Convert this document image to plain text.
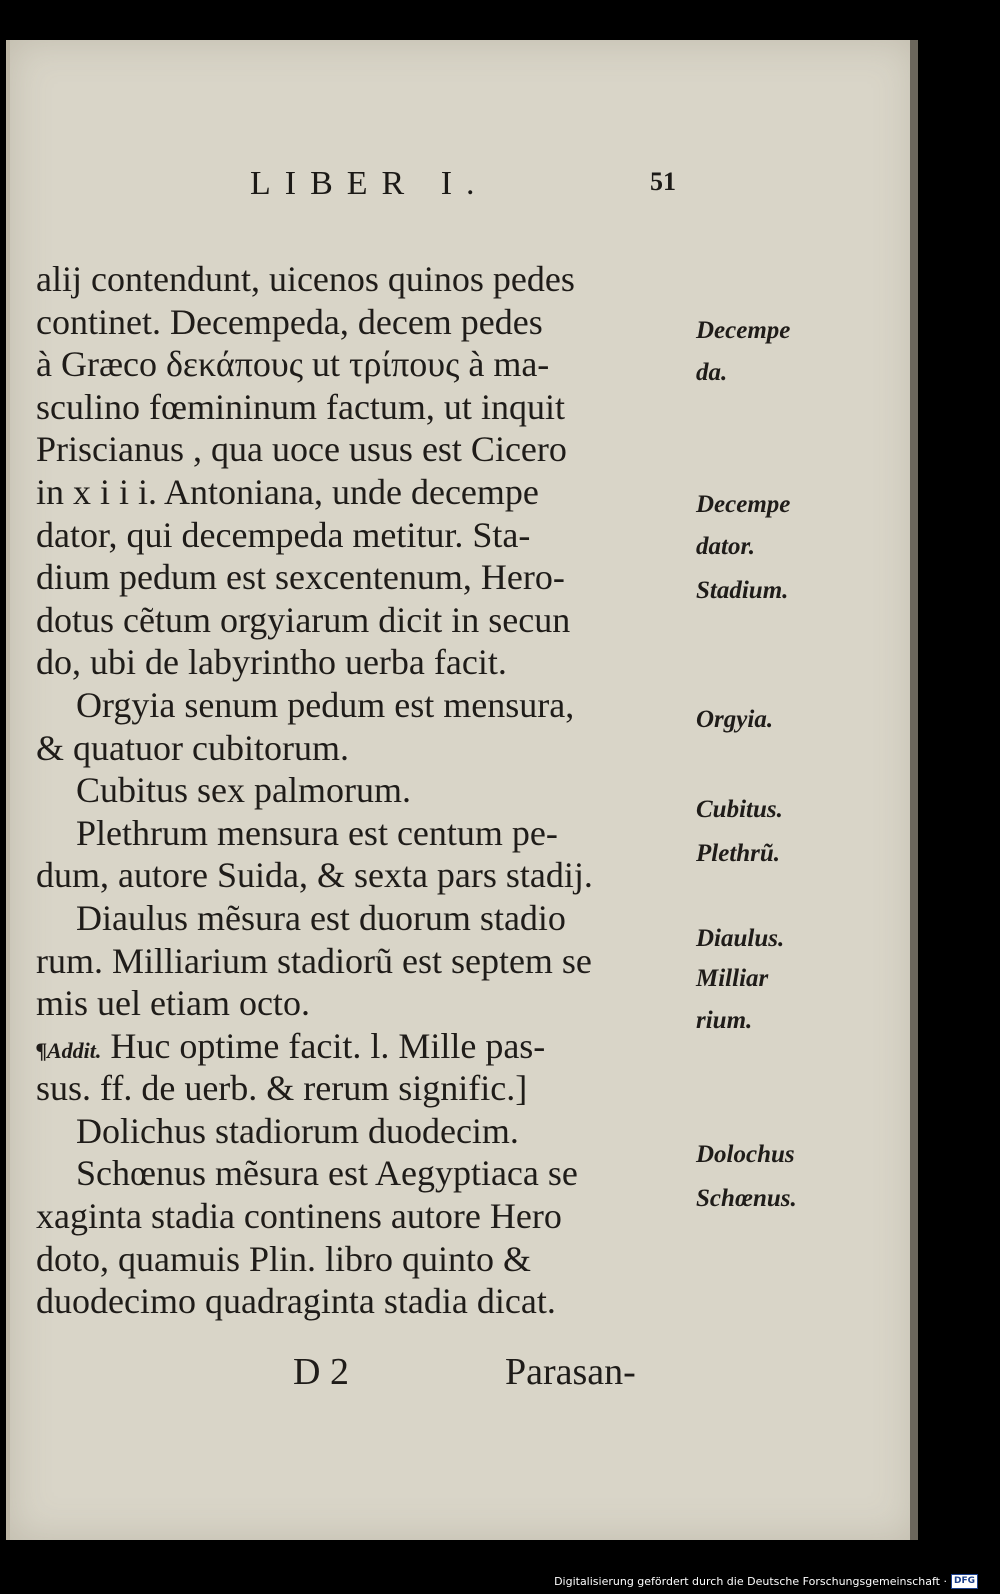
LIBER I.	51
alij contendunt, uicenos quinos pedes
continet. Decempeda, decem pedes
à Græco δεκάπους ut τρίπους à ma-
sculino fœmininum factum, ut inquit
Priscianus , qua uoce usus est Cicero
in x i i i. Antoniana, unde decempe
dator, qui decempeda metitur. Sta-
dium pedum est sexcentenum, Hero-
dotus cẽtum orgyiarum dicit in secun
do, ubi de labyrintho uerba facit.
Orgyia senum pedum est mensura,
& quatuor cubitorum.
Cubitus sex palmorum.
Plethrum mensura est centum pe-
dum, autore Suida, & sexta pars stadij.
Diaulus mẽsura est duorum stadio
rum. Milliarium stadiorũ est septem se
mis uel etiam octo.
¶Addit. Huc optime facit. l. Mille pas-
sus. ff. de uerb. & rerum signific.]
Dolichus stadiorum duodecim.
Schœnus mẽsura est Aegyptiaca se
xaginta stadia continens autore Hero
doto, quamuis Plin. libro quinto &
duodecimo quadraginta stadia dicat.
Decempe
da.
Decempe
dator.
Stadium.
Orgyia.
Cubitus.
Plethrũ.
Diaulus.
Milliar
rium.
Dolochus
Schœnus.
D 2	Parasan-
Digitalisierung gefördert durch die Deutsche Forschungsgemeinschaft · DFG
